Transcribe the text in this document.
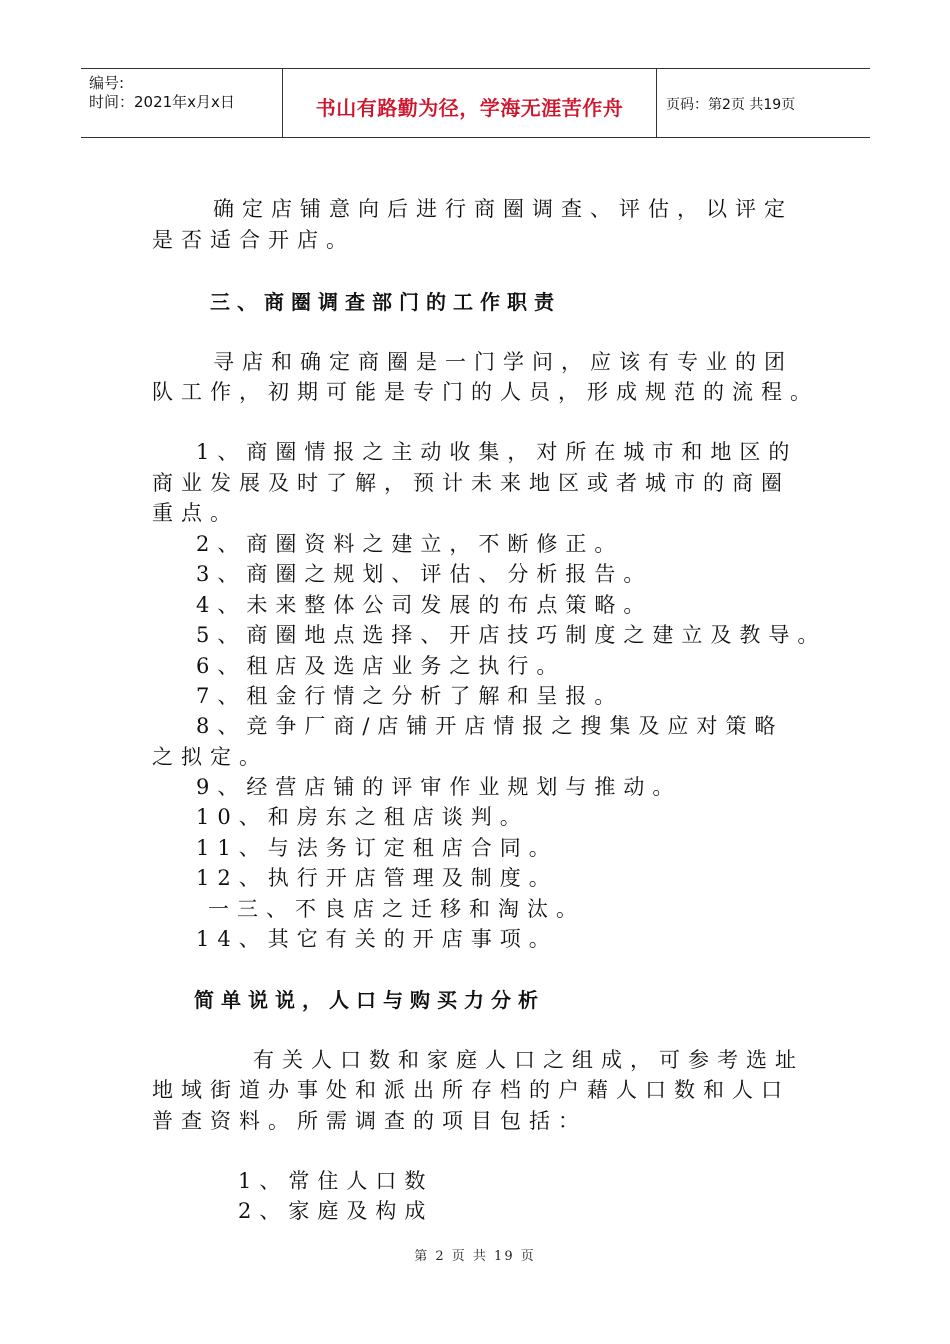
编号:
时间：2021年x月x日	书山有路勤为径，学海无涯苦作舟	页码：第2页 共19页
确定店铺意向后进行商圈调查、评估，以评定
是否适合开店。
三、商圈调查部门的工作职责
寻店和确定商圈是一门学问，应该有专业的团
队工作，初期可能是专门的人员，形成规范的流程。
1、商圈情报之主动收集，对所在城市和地区的
商业发展及时了解，预计未来地区或者城市的商圈
重点。
2、商圈资料之建立，不断修正。
3、商圈之规划、评估、分析报告。
4、未来整体公司发展的布点策略。
5、商圈地点选择、开店技巧制度之建立及教导。
6、租店及选店业务之执行。
7、租金行情之分析了解和呈报。
8、竞争厂商/店铺开店情报之搜集及应对策略
之拟定。
9、经营店铺的评审作业规划与推动。
10、和房东之租店谈判。
11、与法务订定租店合同。
12、执行开店管理及制度。
一三、不良店之迁移和淘汰。
14、其它有关的开店事项。
简单说说，人口与购买力分析
有关人口数和家庭人口之组成，可参考选址
地域街道办事处和派出所存档的户藉人口数和人口
普查资料。所需调查的项目包括：
1、常住人口数
2、家庭及构成
第 2 页 共 19 页
